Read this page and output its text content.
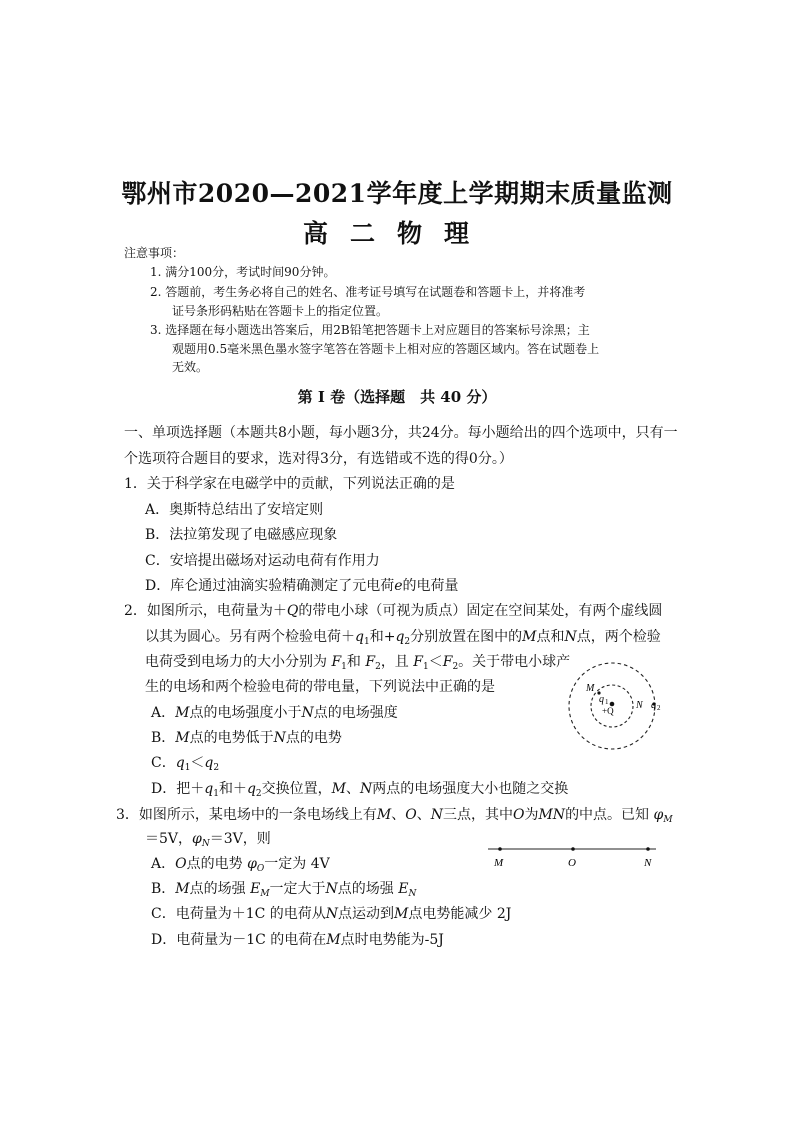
鄂州市2020—2021学年度上学期期末质量监测
高二物理
注意事项：
1. 满分100分，考试时间90分钟。
2. 答题前，考生务必将自己的姓名、准考证号填写在试题卷和答题卡上，并将准考
证号条形码粘贴在答题卡上的指定位置。
3. 选择题在每小题选出答案后，用2B铅笔把答题卡上对应题目的答案标号涂黑；主
观题用0.5毫米黑色墨水签字笔答在答题卡上相对应的答题区域内。答在试题卷上
无效。
第 I 卷（选择题　共 40 分）
一、单项选择题（本题共8小题，每小题3分，共24分。每小题给出的四个选项中，只有一
个选项符合题目的要求，选对得3分，有选错或不选的得0分。）
1．关于科学家在电磁学中的贡献，下列说法正确的是
A．奥斯特总结出了安培定则
B．法拉第发现了电磁感应现象
C．安培提出磁场对运动电荷有作用力
D．库仑通过油滴实验精确测定了元电荷e的电荷量
2．如图所示，电荷量为＋Q的带电小球（可视为质点）固定在空间某处，有两个虚线圆
以其为圆心。另有两个检验电荷$+q_1$和$+q_2$分别放置在图中的M点和N点，两个检验
电荷受到电场力的大小分别为 $F_1$和 $F_2$，且 $F_1<F_2$。关于带电小球产
生的电场和两个检验电荷的带电量，下列说法中正确的是
A．M点的电场强度小于N点的电场强度
B．M点的电势低于N点的电势
C．$q_1<q_2$
D．把$+q_1$和$+q_2$交换位置，M、N两点的电场强度大小也随之交换
M
q 1
+Q N q 2
3．如图所示，某电场中的一条电场线上有M、O、N三点，其中O为MN的中点。已知 $\varphi_M$
＝5V，$\varphi_N=3V$，则
A．O点的电势 $\varphi_O$一定为 4V
B．M点的场强 $E_M$一定大于N点的场强 $E_N$
C．电荷量为＋1C 的电荷从N点运动到M点电势能减少 2J
D．电荷量为－1C 的电荷在M点时电势能为-5J
M	O	N
